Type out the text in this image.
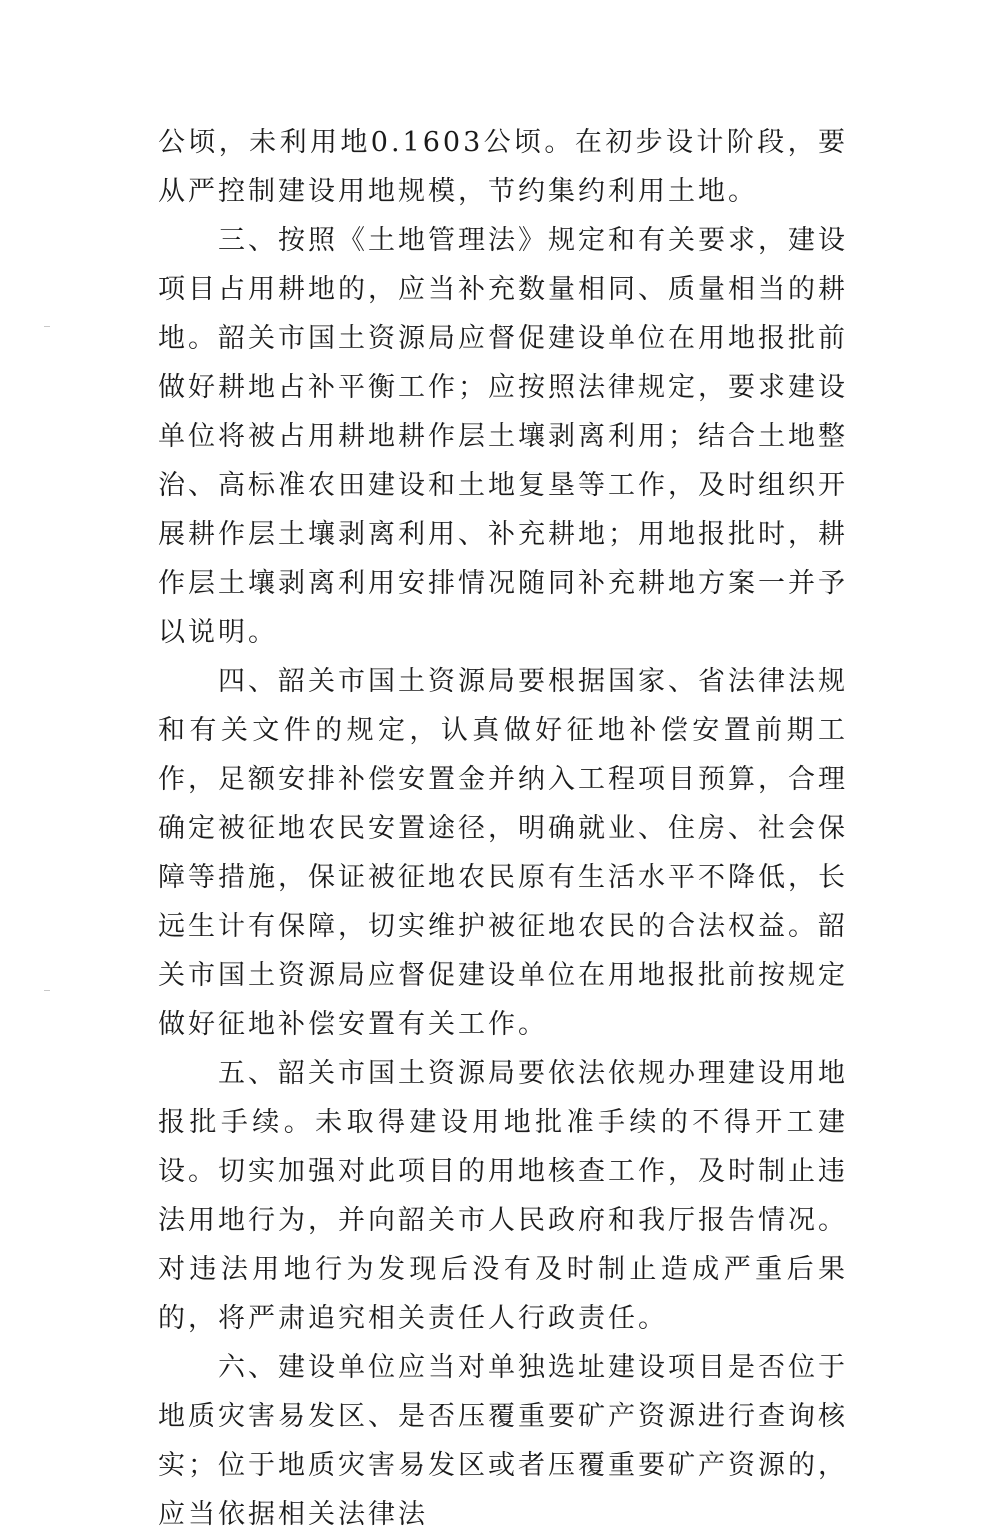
公顷，未利用地0.1603公顷。在初步设计阶段，要从严控制建设用地规模，节约集约利用土地。

三、按照《土地管理法》规定和有关要求，建设项目占用耕地的，应当补充数量相同、质量相当的耕地。韶关市国土资源局应督促建设单位在用地报批前做好耕地占补平衡工作；应按照法律规定，要求建设单位将被占用耕地耕作层土壤剥离利用；结合土地整治、高标准农田建设和土地复垦等工作，及时组织开展耕作层土壤剥离利用、补充耕地；用地报批时，耕作层土壤剥离利用安排情况随同补充耕地方案一并予以说明。

四、韶关市国土资源局要根据国家、省法律法规和有关文件的规定，认真做好征地补偿安置前期工作，足额安排补偿安置金并纳入工程项目预算，合理确定被征地农民安置途径，明确就业、住房、社会保障等措施，保证被征地农民原有生活水平不降低，长远生计有保障，切实维护被征地农民的合法权益。韶关市国土资源局应督促建设单位在用地报批前按规定做好征地补偿安置有关工作。

五、韶关市国土资源局要依法依规办理建设用地报批手续。未取得建设用地批准手续的不得开工建设。切实加强对此项目的用地核查工作，及时制止违法用地行为，并向韶关市人民政府和我厅报告情况。对违法用地行为发现后没有及时制止造成严重后果的，将严肃追究相关责任人行政责任。

六、建设单位应当对单独选址建设项目是否位于地质灾害易发区、是否压覆重要矿产资源进行查询核实；位于地质灾害易发区或者压覆重要矿产资源的，应当依据相关法律法
